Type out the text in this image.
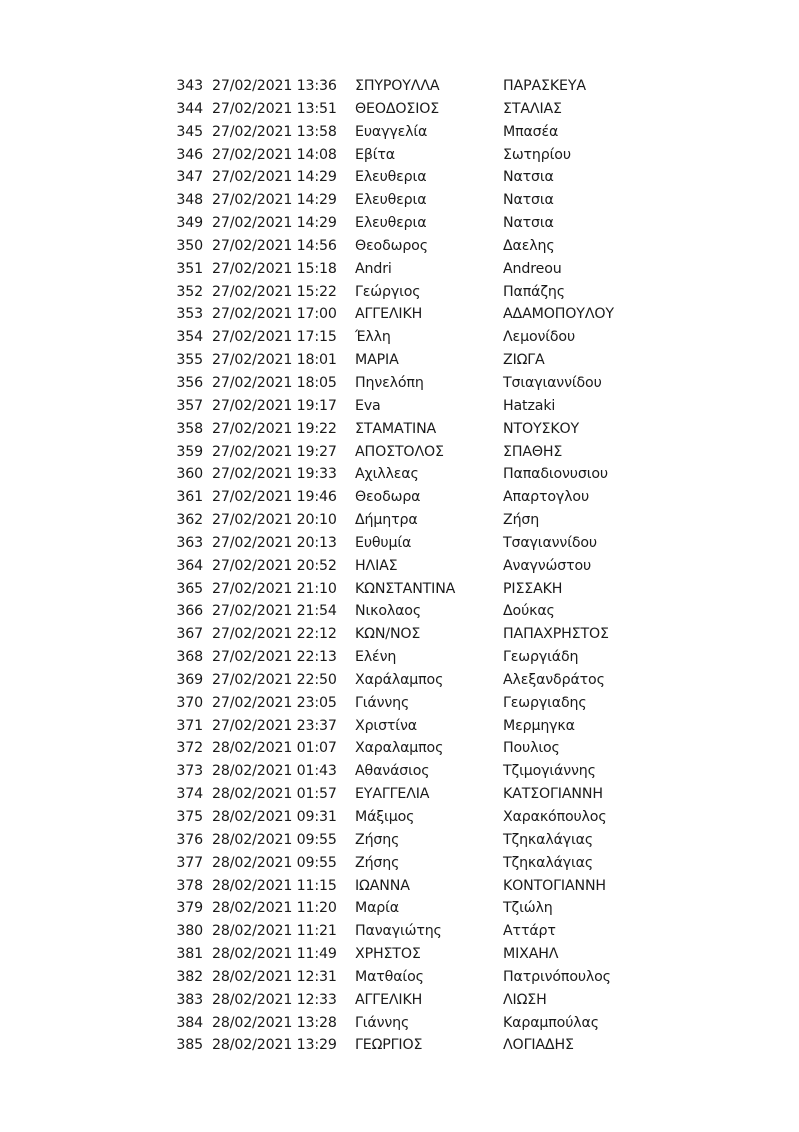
343 27/02/2021 13:36 ΣΠΥΡΟΥΛΛΑ	ΠΑΡΑΣΚΕΥΑ
344 27/02/2021 13:51 ΘΕΟΔΟΣΙΟΣ	ΣΤΑΛΙΑΣ
345 27/02/2021 13:58 Ευαγγελία	Μπασέα
346 27/02/2021 14:08 Εβίτα	Σωτηρίου
347 27/02/2021 14:29 Ελευθερια	Νατσια
348 27/02/2021 14:29 Ελευθερια	Νατσια
349 27/02/2021 14:29 Ελευθερια	Νατσια
350 27/02/2021 14:56 Θεοδωρος	Δαελης
351 27/02/2021 15:18 Andri	Andreou
352 27/02/2021 15:22 Γεώργιος	Παπάζης
353 27/02/2021 17:00 ΑΓΓΕΛΙΚΗ	ΑΔΑΜΟΠΟΥΛΟΥ
354 27/02/2021 17:15 Έλλη	Λεμονίδου
355 27/02/2021 18:01 ΜΑΡΙΑ	ΖΙΩΓΑ
356 27/02/2021 18:05 Πηνελόπη	Τσιαγιαννίδου
357 27/02/2021 19:17 Eva	Hatzaki
358 27/02/2021 19:22 ΣΤΑΜΑΤΙΝΑ	ΝΤΟΥΣΚΟΥ
359 27/02/2021 19:27 ΑΠΟΣΤΟΛΟΣ	ΣΠΑΘΗΣ
360 27/02/2021 19:33 Αχιλλεας	Παπαδιονυσιου
361 27/02/2021 19:46 Θεοδωρα	Απαρτογλου
362 27/02/2021 20:10 Δήμητρα	Ζήση
363 27/02/2021 20:13 Ευθυμία	Τσαγιαννίδου
364 27/02/2021 20:52 ΗΛΙΑΣ	Αναγνώστου
365 27/02/2021 21:10 ΚΩΝΣΤΑΝΤΙΝΑ	ΡΙΣΣΑΚΗ
366 27/02/2021 21:54 Νικολαος	Δούκας
367 27/02/2021 22:12 ΚΩΝ/ΝΟΣ	ΠΑΠΑΧΡΗΣΤΟΣ
368 27/02/2021 22:13 Ελένη	Γεωργιάδη
369 27/02/2021 22:50 Χαράλαμπος	Αλεξανδράτος
370 27/02/2021 23:05 Γιάννης	Γεωργιαδης
371 27/02/2021 23:37 Χριστίνα	Μερμηγκα
372 28/02/2021 01:07 Χαραλαμπος	Πουλιος
373 28/02/2021 01:43 Αθανάσιος	Τζιμογιάννης
374 28/02/2021 01:57 ΕΥΑΓΓΕΛΙΑ	ΚΑΤΣΟΓΙΑΝΝΗ
375 28/02/2021 09:31 Μάξιμος	Χαρακόπουλος
376 28/02/2021 09:55 Ζήσης	Τζηκαλάγιας
377 28/02/2021 09:55 Ζήσης	Τζηκαλάγιας
378 28/02/2021 11:15 ΙΩΑΝΝΑ	ΚΟΝΤΟΓΙΑΝΝΗ
379 28/02/2021 11:20 Μαρία	Τζιώλη
380 28/02/2021 11:21 Παναγιώτης	Αττάρτ
381 28/02/2021 11:49 ΧΡΗΣΤΟΣ	ΜΙΧΑΗΛ
382 28/02/2021 12:31 Ματθαίος	Πατρινόπουλος
383 28/02/2021 12:33 ΑΓΓΕΛΙΚΗ	ΛΙΩΣΗ
384 28/02/2021 13:28 Γιάννης	Καραμπούλας
385 28/02/2021 13:29 ΓΕΩΡΓΙΟΣ	ΛΟΓΙΑΔΗΣ
